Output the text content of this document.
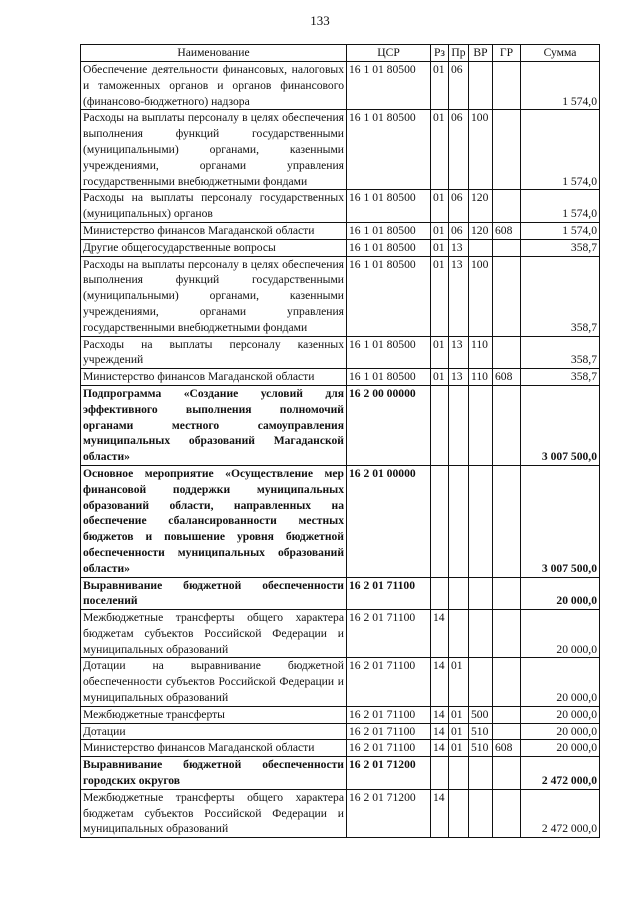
133
Наименование	ЦСР	Рз	Пр	ВР	ГР	Сумма
Обеспечение деятельности финансовых, налоговых и таможенных органов и органов финансового (финансово-бюджетного) надзора	16 1 01 80500	01	06			1 574,0
Расходы на выплаты персоналу в целях обеспечения выполнения функций государственными (муниципальными) органами, казенными учреждениями, органами управления государственными внебюджетными фондами	16 1 01 80500	01	06	100		1 574,0
Расходы на выплаты персоналу государственных (муниципальных) органов	16 1 01 80500	01	06	120		1 574,0
Министерство финансов Магаданской области	16 1 01 80500	01	06	120	608	1 574,0
Другие общегосударственные вопросы	16 1 01 80500	01	13			358,7
Расходы на выплаты персоналу в целях обеспечения выполнения функций государственными (муниципальными) органами, казенными учреждениями, органами управления государственными внебюджетными фондами	16 1 01 80500	01	13	100		358,7
Расходы на выплаты персоналу казенных учреждений	16 1 01 80500	01	13	110		358,7
Министерство финансов Магаданской области	16 1 01 80500	01	13	110	608	358,7
Подпрограмма «Создание условий для эффективного выполнения полномочий органами местного самоуправления муниципальных образований Магаданской области»	16 2 00 00000					3 007 500,0
Основное мероприятие «Осуществление мер финансовой поддержки муниципальных образований области, направленных на обеспечение сбалансированности местных бюджетов и повышение уровня бюджетной обеспеченности муниципальных образований области»	16 2 01 00000					3 007 500,0
Выравнивание бюджетной обеспеченности поселений	16 2 01 71100					20 000,0
Межбюджетные трансферты общего характера бюджетам субъектов Российской Федерации и муниципальных образований	16 2 01 71100	14				20 000,0
Дотации на выравнивание бюджетной обеспеченности субъектов Российской Федерации и муниципальных образований	16 2 01 71100	14	01			20 000,0
Межбюджетные трансферты	16 2 01 71100	14	01	500		20 000,0
Дотации	16 2 01 71100	14	01	510		20 000,0
Министерство финансов Магаданской области	16 2 01 71100	14	01	510	608	20 000,0
Выравнивание бюджетной обеспеченности городских округов	16 2 01 71200					2 472 000,0
Межбюджетные трансферты общего характера бюджетам субъектов Российской Федерации и муниципальных образований	16 2 01 71200	14				2 472 000,0
